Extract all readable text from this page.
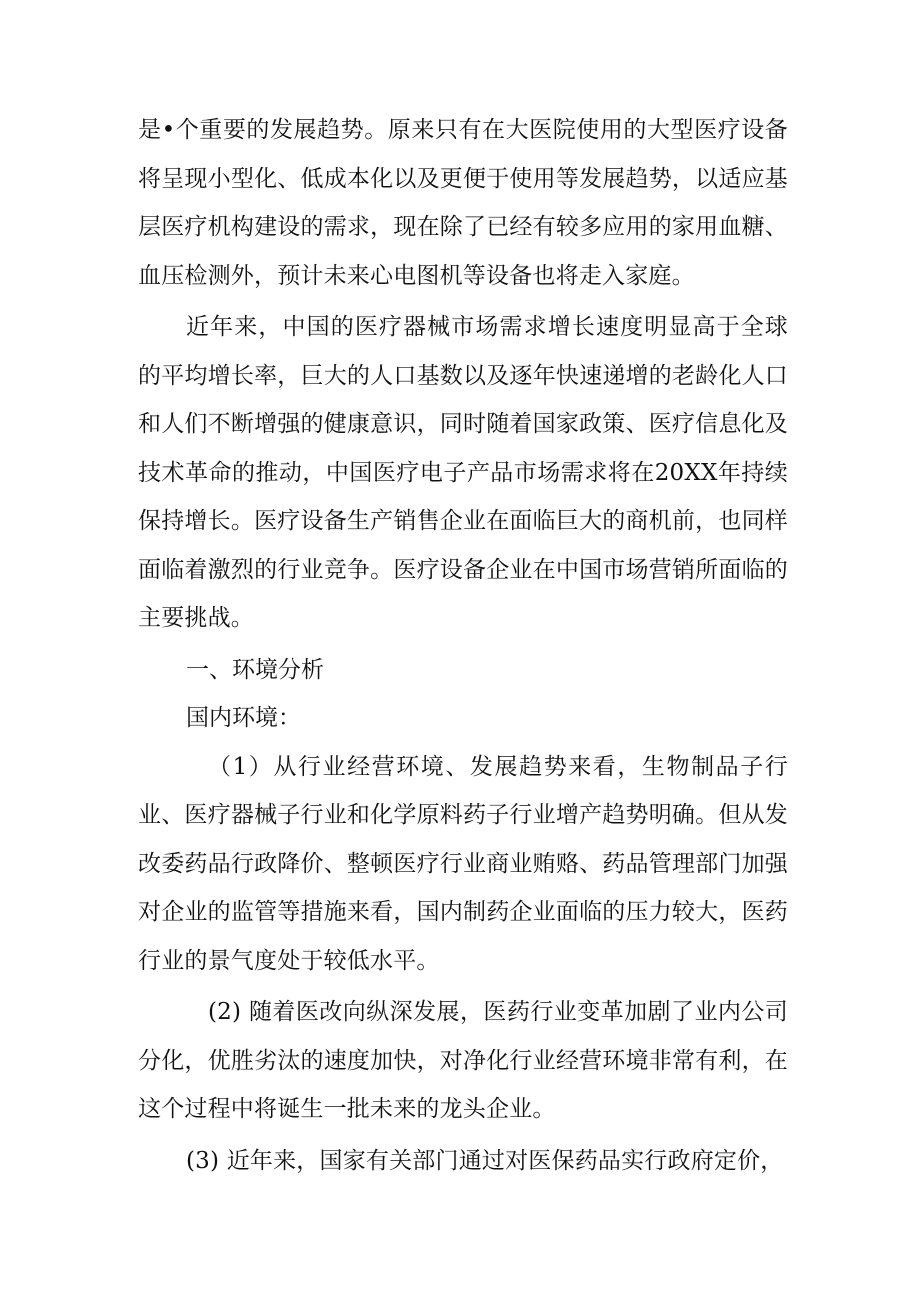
是•个重要的发展趋势。原来只有在大医院使用的大型医疗设备将呈现小型化、低成本化以及更便于使用等发展趋势，以适应基层医疗机构建设的需求，现在除了已经有较多应用的家用血糖、血压检测外，预计未来心电图机等设备也将走入家庭。

近年来，中国的医疗器械市场需求增长速度明显高于全球的平均增长率，巨大的人口基数以及逐年快速递增的老龄化人口和人们不断增强的健康意识，同时随着国家政策、医疗信息化及技术革命的推动，中国医疗电子产品市场需求将在20XX年持续保持增长。医疗设备生产销售企业在面临巨大的商机前，也同样面临着激烈的行业竞争。医疗设备企业在中国市场营销所面临的主要挑战。

一、环境分析

国内环境：

（1）从行业经营环境、发展趋势来看，生物制品子行业、医疗器械子行业和化学原料药子行业增产趋势明确。但从发改委药品行政降价、整顿医疗行业商业贿赂、药品管理部门加强对企业的监管等措施来看，国内制药企业面临的压力较大，医药行业的景气度处于较低水平。

(2) 随着医改向纵深发展，医药行业变革加剧了业内公司分化，优胜劣汰的速度加快，对净化行业经营环境非常有利，在这个过程中将诞生一批未来的龙头企业。

(3) 近年来，国家有关部门通过对医保药品实行政府定价，
